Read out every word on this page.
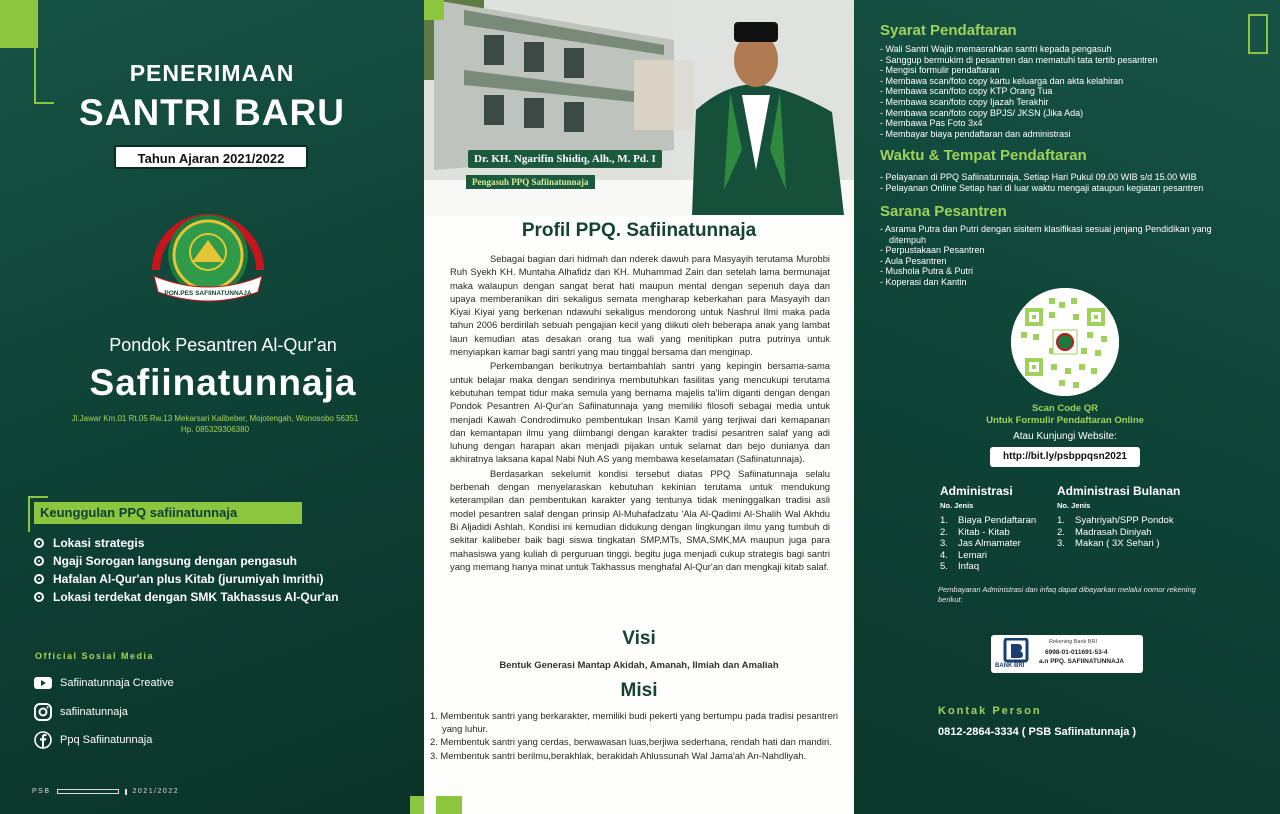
PENERIMAAN
SANTRI BARU
Tahun Ajaran 2021/2022
PON.PES SAFIINATUNNAJA
Pondok Pesantren Al-Qur'an
Safiinatunnaja
Jl.Jawar Km.01 Rt.05 Rw.13 Mekarsari Kalibeber, Mojotengah, Wonosobo 56351 Hp. 085329306380
Keunggulan PPQ safiinatunnaja
Lokasi strategis
Ngaji Sorogan langsung dengan pengasuh
Hafalan Al-Qur'an plus Kitab (jurumiyah Imrithi)
Lokasi terdekat dengan SMK Takhassus Al-Qur'an
Official Sosial Media
Safiinatunnaja Creative
safiinatunnaja
Ppq Safiinatunnaja
PSB	2021/2022
Dr. KH. Ngarifin Shidiq, Alh., M. Pd. I
Pengasuh PPQ Safiinatunnaja
Profil PPQ. Safiinatunnaja

Sebagai bagian dari hidmah dan nderek dawuh para Masyayih terutama Murobbi Ruh Syekh KH. Muntaha Alhafidz dan KH. Muhammad Zain dan setelah lama bermunajat maka walaupun dengan sangat berat hati maupun mental dengan sepenuh daya dan upaya memberanikan diri sekaligus semata mengharap keberkahan para Masyayih dan Kiyai Kiyai yang berkenan ndawuhi sekaligus mendorong untuk Nashrul Ilmi maka pada tahun 2006 berdirilah sebuah pengajian kecil yang diikuti oleh beberapa anak yang lambat laun kemudian atas desakan orang tua wali yang menitipkan putra putrinya untuk menyiapkan kamar bagi santri yang mau tinggal bersama dan menginap.

Perkembangan berikutnya bertambahlah santri yang kepingin bersama-sama untuk belajar maka dengan sendirinya membutuhkan fasilitas yang mencukupi terutama kebutuhan tempat tidur maka semula yang bernama majelis ta'lim diganti dengan dengan Pondok Pesantren Al-Qur'an Safiinatunnaja yang memiliki filosofi sebagai media untuk menjadi Kawah Condrodimuko pembentukan Insan Kamil yang terjiwai dari kemapanan dan kemantapan ilmu yang diimbangi dengan karakter tradisi pesantren salaf yang adi luhung dengan harapan akan menjadi pijakan untuk selamat dan bejo dunianya dan akhiratnya laksana kapal Nabi Nuh AS yang membawa keselamatan (Safiinatunnaja).

Berdasarkan sekelumit kondisi tersebut diatas PPQ Safiinatunnaja selalu berbenah dengan menyelaraskan kebutuhan kekinian terutama untuk mendukung keterampilan dan pembentukan karakter yang tentunya tidak meninggalkan tradisi asli model pesantren salaf dengan prinsip Al-Muhafadzatu 'Ala Al-Qadimi Al-Shalih Wal Akhdu Bi Aljadidi Ashlah. Kondisi ini kemudian didukung dengan lingkungan ilmu yang tumbuh di sekitar kalibeber baik bagi siswa tingkatan SMP,MTs, SMA,SMK,MA maupun juga para mahasiswa yang kuliah di perguruan tinggi. begitu juga menjadi cukup strategis bagi santri yang memang hanya minat untuk Takhassus menghafal Al-Qur'an dan mengkaji kitab salaf.

Visi
Bentuk Generasi Mantap Akidah, Amanah, Ilmiah dan Amaliah
Misi
1. Membentuk santri yang berkarakter, memiliki budi pekerti yang bertumpu pada tradisi pesantren yang luhur.
2. Membentuk santri yang cerdas, berwawasan luas,berjiwa sederhana, rendah hati dan mandiri.
3. Membentuk santri berilmu,berakhlak, berakidah Ahlussunah Wal Jama'ah An-Nahdliyah.
Syarat Pendaftaran
- Wali Santri Wajib memasrahkan santri kepada pengasuh
- Sanggup bermukim di pesantren dan mematuhi tata tertib pesantren
- Mengisi formulir pendaftaran
- Membawa scan/foto copy kartu keluarga dan akta kelahiran
- Membawa scan/foto copy KTP Orang Tua
- Membawa scan/foto copy Ijazah Terakhir
- Membawa scan/foto copy BPJS/ JKSN (Jika Ada)
- Membawa Pas Foto 3x4
- Membayar biaya pendaftaran dan administrasi
Waktu & Tempat Pendaftaran
- Pelayanan di PPQ Safiinatunnaja, Setiap Hari Pukul 09.00 WIB s/d 15.00 WIB
- Pelayanan Online Setiap hari di luar waktu mengaji ataupun kegiatan pesantren
Sarana Pesantren
- Asrama Putra dan Putri dengan sisitem klasifikasi sesuai jenjang Pendidikan yang ditempuh
- Perpustakaan Pesantren
- Aula Pesantren
- Mushola Putra & Putri
- Koperasi dan Kantin
Scan Code QR
Untuk Formulir Pendaftaran Online
Atau Kunjungi Website:
http://bit.ly/psbppqsn2021
Administrasi
No. Jenis
1. Biaya Pendaftaran
2. Kitab - Kitab
3. Jas Almamater
4. Lemari
5. Infaq
Administrasi Bulanan
No. Jenis
1. Syahriyah/SPP Pondok
2. Madrasah Diniyah
3. Makan ( 3X Sehari )
Pembayaran Administrasi dan infaq dapat dibayarkan melalui nomor rekening berikut:
BANK BRI
Rekening Bank BRI
6998-01-011691-53-4
a.n PPQ. SAFIINATUNNAJA
Kontak Person
0812-2864-3334 ( PSB Safiinatunnaja )
